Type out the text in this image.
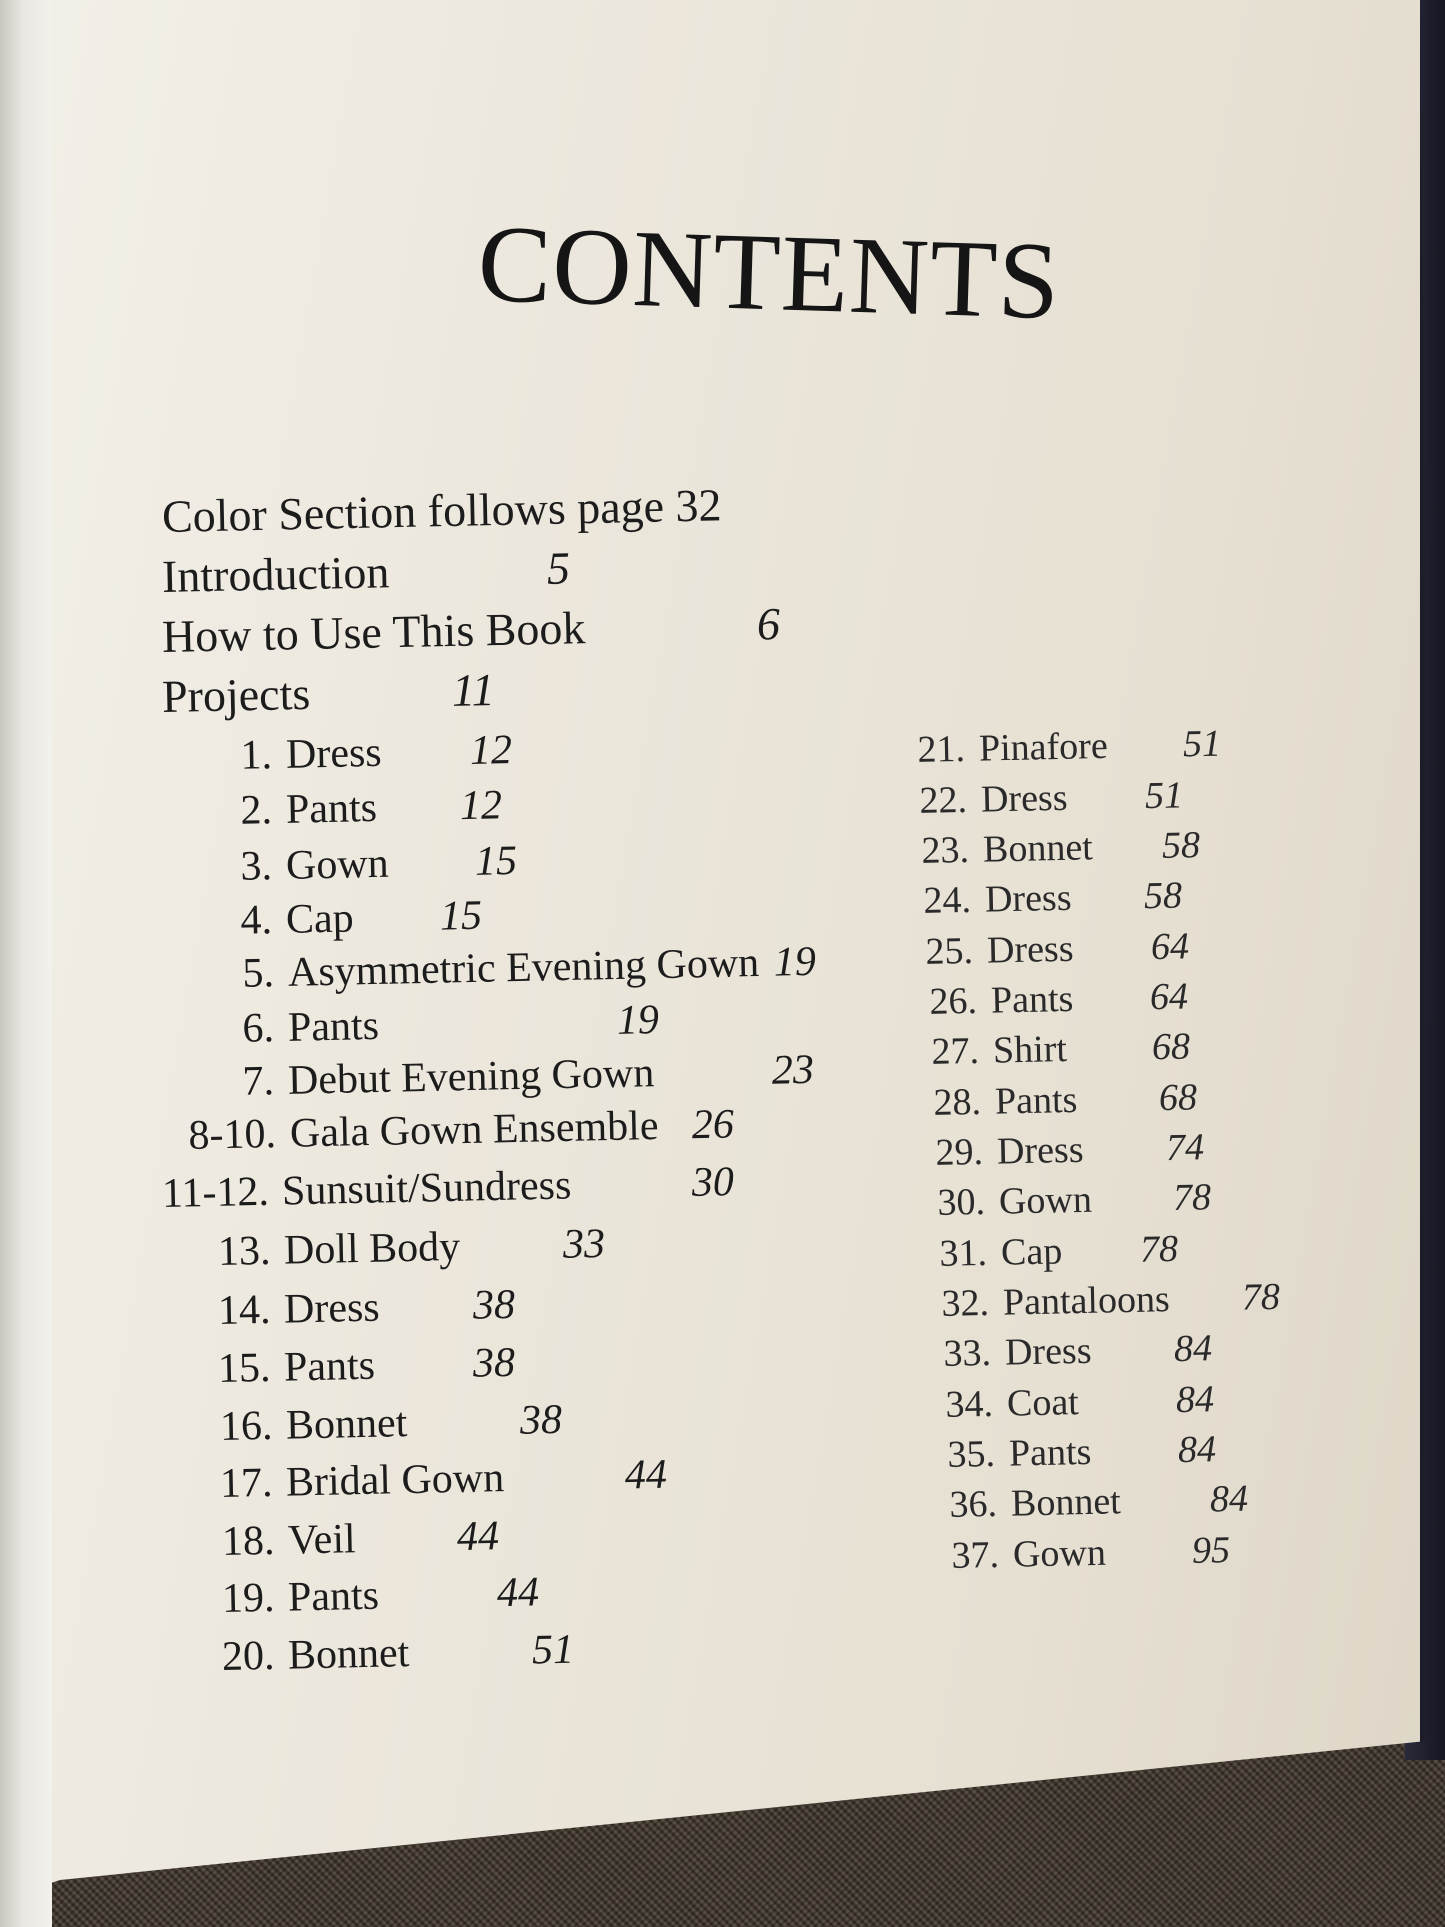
CONTENTS
Color Section follows page 32
Introduction	5
How to Use This Book	6
Projects	11
1. Dress 12
2. Pants 12
3. Gown 15
4. Cap 15
5. Asymmetric Evening Gown 19
6. Pants	19
7. Debut Evening Gown	23
8-10. Gala Gown Ensemble 26
11-12. Sunsuit/Sundress	30
13. Doll Body 33
14. Dress 38
15. Pants 38
16. Bonnet	38
17. Bridal Gown	44
18. Veil 44
19. Pants	44
20. Bonnet	51
21. Pinafore 51
22. Dress 51
23. Bonnet 58
24. Dress 58
25. Dress 64
26. Pants 64
27. Shirt 68
28. Pants 68
29. Dress 74
30. Gown 78
31. Cap 78
32. Pantaloons 78
33. Dress 84
34. Coat	84
35. Pants 84
36. Bonnet 84
37. Gown 95
